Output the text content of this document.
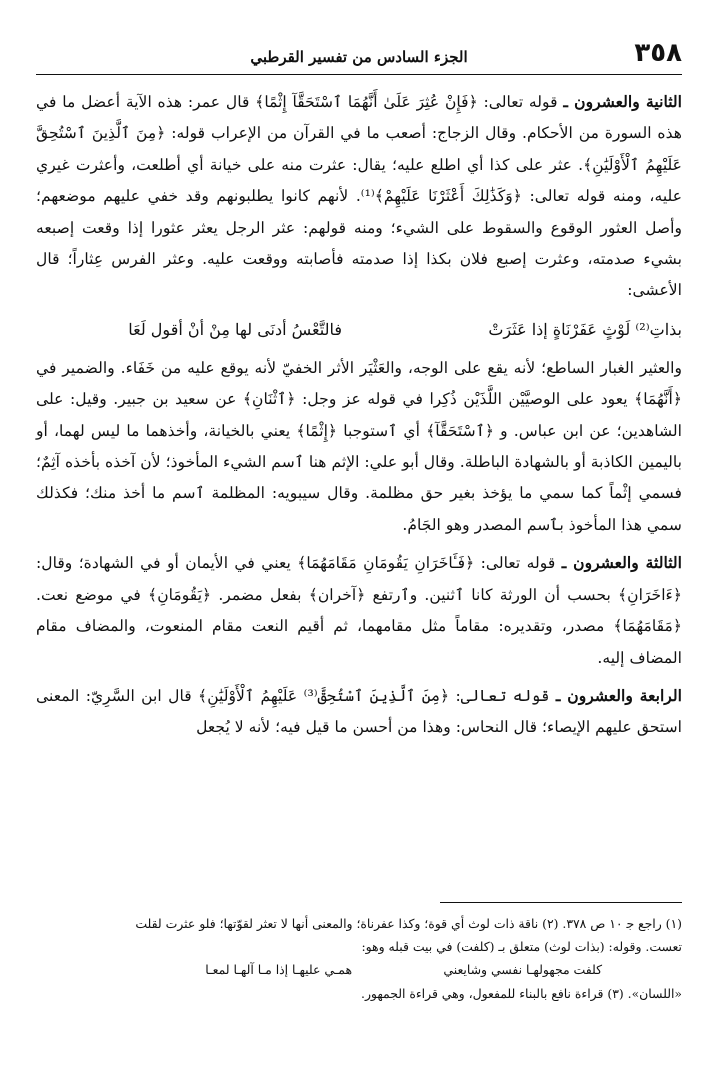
٣٥٨
الجزء السادس من تفسير القرطبي

الثانية والعشرون ـ قوله تعالى: ﴿فَإِنْ عُثِرَ عَلَىٰ أَنَّهُمَا ٱسْتَحَقَّآ إِثْمًا﴾ قال عمر: هذه الآية أعضل ما في هذه السورة من الأحكام. وقال الزجاج: أصعب ما في القرآن من الإعراب قوله: ﴿مِنَ ٱلَّذِينَ ٱسْتُحِقَّ عَلَيْهِمُ ٱلْأَوْلَيَٰنِ﴾. عثر على كذا أي اطلع عليه؛ يقال: عثرت منه على خيانة أي أطلعت، وأعثرت غيري عليه، ومنه قوله تعالى: ﴿وَكَذَٰلِكَ أَعْثَرْنَا عَلَيْهِمْ﴾⁽¹⁾. لأنهم كانوا يطلبونهم وقد خفي عليهم موضعهم؛ وأصل العثور الوقوع والسقوط على الشيء؛ ومنه قولهم: عثر الرجل يعثر عثورا إذا وقعت إصبعه بشيء صدمته، وعثرت إصبع فلان بكذا إذا صدمته فأصابته ووقعت عليه. وعثر الفرس عِثاراً؛ قال الأعشى:

بذاتِ⁽²⁾ لَوْثٍ عَفَرْنَاةٍ إذا عَثَرَتْ
فالتَّعْسُ أدنَى لها مِنْ أنْ أقول لَعَا

والعثير الغبار الساطع؛ لأنه يقع على الوجه، والعَثْيَر الأثر الخفيّ لأنه يوقع عليه من خَفَاء. والضمير في ﴿أَنَّهُمَا﴾ يعود على الوصيَّيْن اللَّذَيْن ذُكِرا في قوله عز وجل: ﴿ٱثْنَانِ﴾ عن سعيد بن جبير. وقيل: على الشاهدين؛ عن ابن عباس. و ﴿ٱسْتَحَقَّآ﴾ أي ٱستوجبا ﴿إِثْمًا﴾ يعني بالخيانة، وأخذهما ما ليس لهما، أو باليمين الكاذبة أو بالشهادة الباطلة. وقال أبو علي: الإثم هنا ٱسم الشيء المأخوذ؛ لأن آخذه بأخذه آثِمٌ؛ فسمي إثْماً كما سمي ما يؤخذ بغير حق مظلمة. وقال سيبويه: المظلمة ٱسم ما أخذ منك؛ فكذلك سمي هذا المأخوذ بٱسم المصدر وهو الجَامُ.

الثالثة والعشرون ـ قوله تعالى: ﴿فَـَٔاخَرَانِ يَقُومَانِ مَقَامَهُمَا﴾ يعني في الأيمان أو في الشهادة؛ وقال: ﴿ءَاخَرَانِ﴾ بحسب أن الورثة كانا ٱثنين. وٱرتفع ﴿آخران﴾ بفعل مضمر. ﴿يَقُومَانِ﴾ في موضع نعت. ﴿مَقَامَهُمَا﴾ مصدر، وتقديره: مقاماً مثل مقامهما، ثم أقيم النعت مقام المنعوت، والمضاف مقام المضاف إليه.

الرابعة والعشرون ـ قوله تعالى: ﴿مِنَ ٱلَّذِينَ ٱسْتُحِقَّ⁽³⁾ عَلَيْهِمُ ٱلْأَوْلَيَٰنِ﴾ قال ابن السَّرِيّ: المعنى استحق عليهم الإيصاء؛ قال النحاس: وهذا من أحسن ما قيل فيه؛ لأنه لا يُجعل

(١) راجع ج‍ ١٠ ص ٣٧٨. (٢) ناقة ذات لوث أي قوة؛ وكذا عفرناة؛ والمعنى أنها لا تعثر لقوّتها؛ فلو عثرت لقلت

تعست. وقوله: (بذات لوث) متعلق بـ (كلفت) في بيت قبله وهو:

كلفت مجهولهـا نفسي وشايعني
همـي عليهـا إذا مـا آلهـا لمعـا

«اللسان». (٣) قراءة نافع بالبناء للمفعول، وهي قراءة الجمهور.
